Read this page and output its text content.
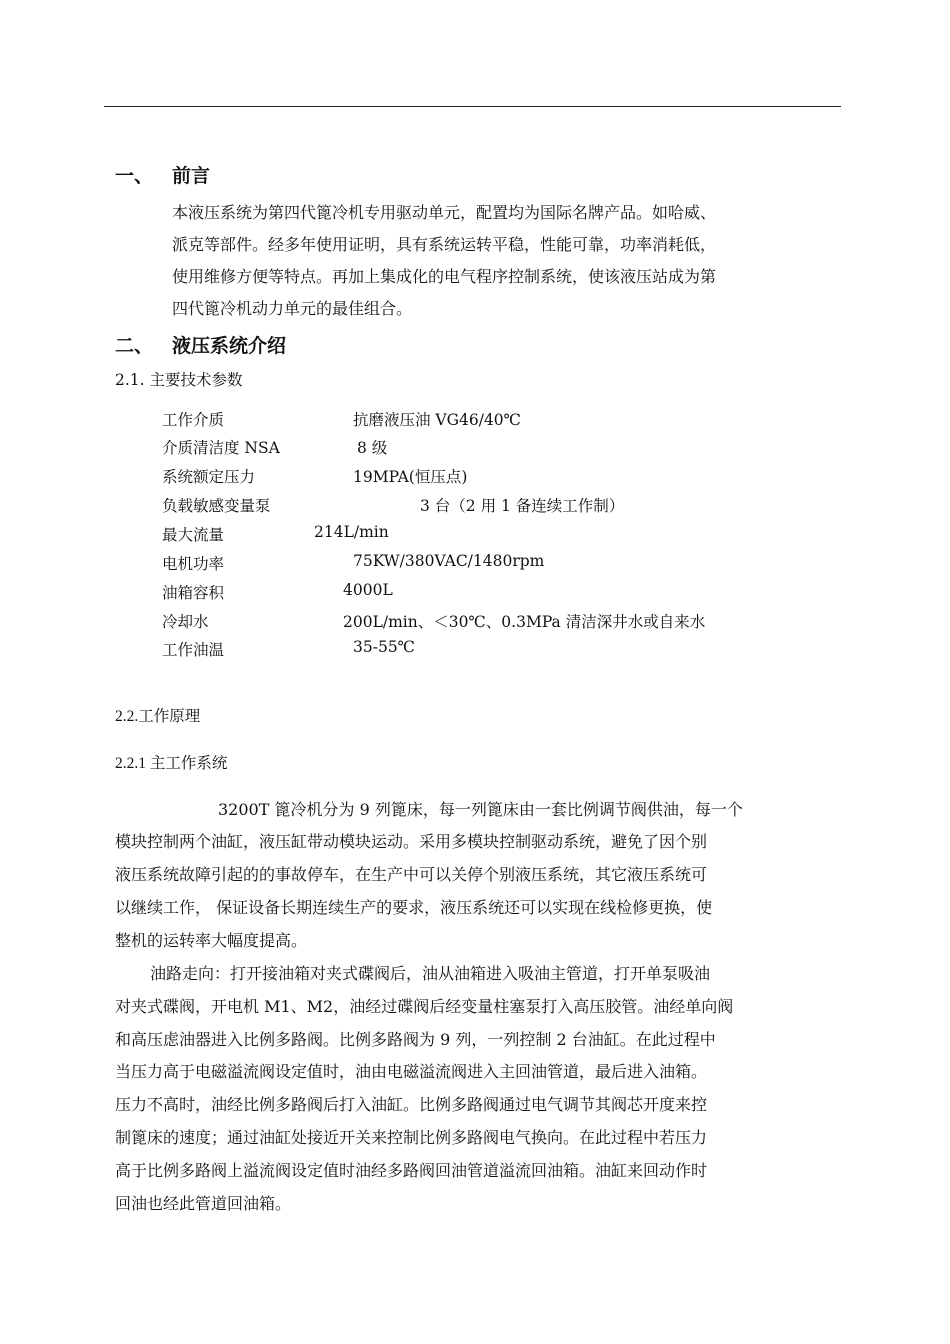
一、 前言
本液压系统为第四代篦冷机专用驱动单元，配置均为国际名牌产品。如哈威、
派克等部件。经多年使用证明，具有系统运转平稳，性能可靠，功率消耗低，
使用维修方便等特点。再加上集成化的电气程序控制系统，使该液压站成为第
四代篦冷机动力单元的最佳组合。
二、 液压系统介绍
2.1. 主要技术参数
工作介质	抗磨液压油 VG46/40℃
介质清洁度 NSA	8 级
系统额定压力	19MPA(恒压点)
负载敏感变量泵	3 台（2 用 1 备连续工作制）
最大流量	214L/min
电机功率	75KW/380VAC/1480rpm
油箱容积	4000L
冷却水	200L/min、＜30℃、0.3MPa 清洁深井水或自来水
工作油温	35-55℃
2.2.工作原理
2.2.1 主工作系统
3200T 篦冷机分为 9 列篦床，每一列篦床由一套比例调节阀供油，每一个
模块控制两个油缸，液压缸带动模块运动。采用多模块控制驱动系统，避免了因个别
液压系统故障引起的的事故停车，在生产中可以关停个别液压系统，其它液压系统可
以继续工作， 保证设备长期连续生产的要求，液压系统还可以实现在线检修更换，使
整机的运转率大幅度提高。
油路走向：打开接油箱对夹式碟阀后，油从油箱进入吸油主管道，打开单泵吸油
对夹式碟阀，开电机 M1、M2，油经过碟阀后经变量柱塞泵打入高压胶管。油经单向阀
和高压虑油器进入比例多路阀。比例多路阀为 9 列，一列控制 2 台油缸。在此过程中
当压力高于电磁溢流阀设定值时，油由电磁溢流阀进入主回油管道，最后进入油箱。
压力不高时，油经比例多路阀后打入油缸。比例多路阀通过电气调节其阀芯开度来控
制篦床的速度；通过油缸处接近开关来控制比例多路阀电气换向。在此过程中若压力
高于比例多路阀上溢流阀设定值时油经多路阀回油管道溢流回油箱。油缸来回动作时
回油也经此管道回油箱。
